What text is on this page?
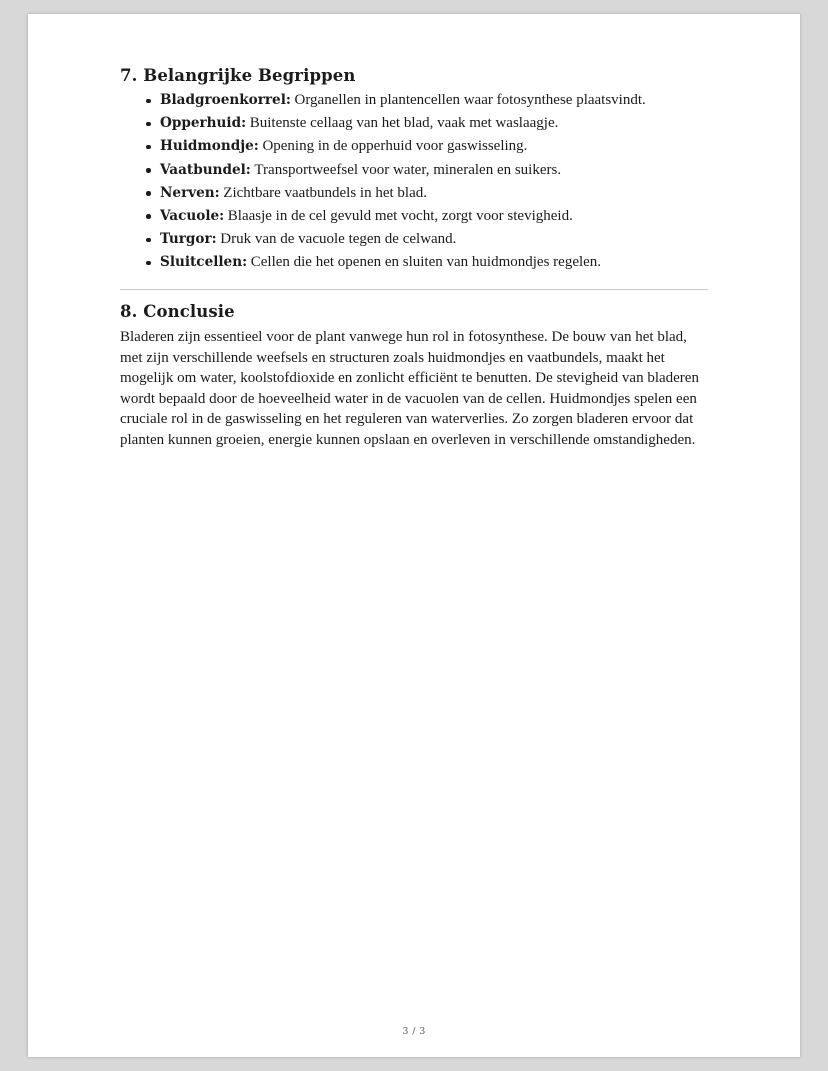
7. Belangrijke Begrippen
Bladgroenkorrel: Organellen in plantencellen waar fotosynthese plaatsvindt.
Opperhuid: Buitenste cellaag van het blad, vaak met waslaagje.
Huidmondje: Opening in de opperhuid voor gaswisseling.
Vaatbundel: Transportweefsel voor water, mineralen en suikers.
Nerven: Zichtbare vaatbundels in het blad.
Vacuole: Blaasje in de cel gevuld met vocht, zorgt voor stevigheid.
Turgor: Druk van de vacuole tegen de celwand.
Sluitcellen: Cellen die het openen en sluiten van huidmondjes regelen.
8. Conclusie

Bladeren zijn essentieel voor de plant vanwege hun rol in fotosynthese. De bouw van het blad, met zijn verschillende weefsels en structuren zoals huidmondjes en vaatbundels, maakt het mogelijk om water, koolstofdioxide en zonlicht efficiënt te benutten. De stevigheid van bladeren wordt bepaald door de hoeveelheid water in de vacuolen van de cellen. Huidmondjes spelen een cruciale rol in de gaswisseling en het reguleren van waterverlies. Zo zorgen bladeren ervoor dat planten kunnen groeien, energie kunnen opslaan en overleven in verschillende omstandigheden.

3 / 3
